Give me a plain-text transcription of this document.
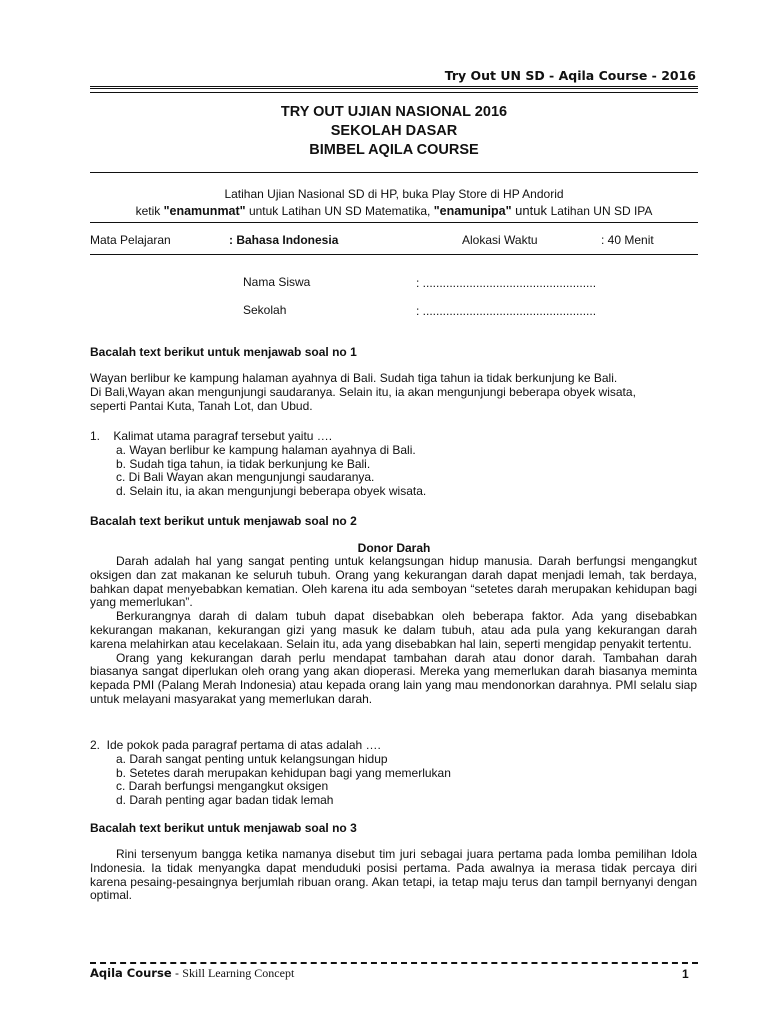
Try Out UN SD - Aqila Course - 2016
TRY OUT UJIAN NASIONAL 2016
SEKOLAH DASAR
BIMBEL AQILA COURSE
Latihan Ujian Nasional SD di HP, buka Play Store di HP Andorid
ketik "enamunmat" untuk Latihan UN SD Matematika, "enamunipa" untuk Latihan UN SD IPA
Mata Pelajaran	: Bahasa Indonesia	Alokasi Waktu	: 40 Menit
Nama Siswa	: ....................................................
Sekolah	: ....................................................
Bacalah text berikut untuk menjawab soal no 1
Wayan berlibur ke kampung halaman ayahnya di Bali. Sudah tiga tahun ia tidak berkunjung ke Bali.
Di Bali,Wayan akan mengunjungi saudaranya. Selain itu, ia akan mengunjungi beberapa obyek wisata,
seperti Pantai Kuta, Tanah Lot, dan Ubud.
1.    Kalimat utama paragraf tersebut yaitu ….
a. Wayan berlibur ke kampung halaman ayahnya di Bali.
b. Sudah tiga tahun, ia tidak berkunjung ke Bali.
c. Di Bali Wayan akan mengunjungi saudaranya.
d. Selain itu, ia akan mengunjungi beberapa obyek wisata.
Bacalah text berikut untuk menjawab soal no 2
Donor Darah
Darah adalah hal yang sangat penting untuk kelangsungan hidup manusia. Darah berfungsi mengangkut oksigen dan zat makanan ke seluruh tubuh. Orang yang kekurangan darah dapat menjadi lemah, tak berdaya, bahkan dapat menyebabkan kematian. Oleh karena itu ada semboyan “setetes darah merupakan kehidupan bagi yang memerlukan”.
Berkurangnya darah di dalam tubuh dapat disebabkan oleh beberapa faktor. Ada yang disebabkan kekurangan makanan, kekurangan gizi yang masuk ke dalam tubuh, atau ada pula yang kekurangan darah karena melahirkan atau kecelakaan. Selain itu, ada yang disebabkan hal lain, seperti mengidap penyakit tertentu.
Orang yang kekurangan darah perlu mendapat tambahan darah atau donor darah. Tambahan darah biasanya sangat diperlukan oleh orang yang akan dioperasi. Mereka yang memerlukan darah biasanya meminta kepada PMI (Palang Merah Indonesia) atau kepada orang lain yang mau mendonorkan darahnya. PMI selalu siap untuk melayani masyarakat yang memerlukan darah.
2.  Ide pokok pada paragraf pertama di atas adalah ….
a. Darah sangat penting untuk kelangsungan hidup
b. Setetes darah merupakan kehidupan bagi yang memerlukan
c. Darah berfungsi mengangkut oksigen
d. Darah penting agar badan tidak lemah
Bacalah text berikut untuk menjawab soal no 3
Rini tersenyum bangga ketika namanya disebut tim juri sebagai juara pertama pada lomba pemilihan Idola Indonesia. Ia tidak menyangka dapat menduduki posisi pertama. Pada awalnya ia merasa tidak percaya diri karena pesaing-pesaingnya berjumlah ribuan orang. Akan tetapi, ia tetap maju terus dan tampil bernyanyi dengan optimal.
Aqila Course - Skill Learning Concept	1
